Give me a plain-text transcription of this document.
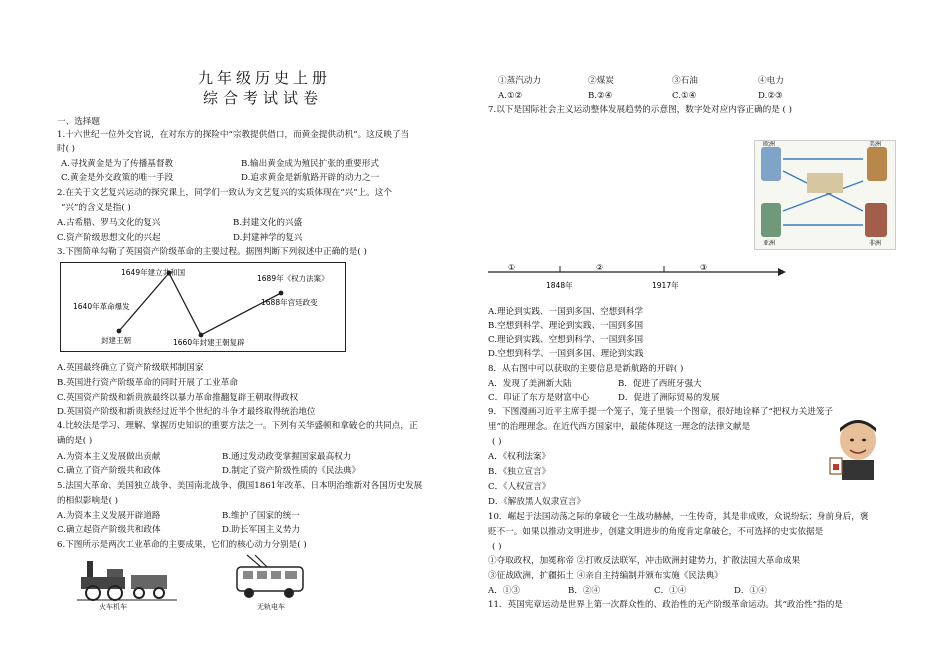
九年级历史上册
综合考试试卷
一、选择题
1.十六世纪一位外交官说，在对东方的探险中“宗教提供借口，而黄金提供动机”。这反映了当
时( )
A.寻找黄金是为了传播基督教	B.输出黄金成为殖民扩张的重要形式
C.黄金是外交政策的唯一手段	D.追求黄金是新航路开辟的动力之一
2.在关于文艺复兴运动的探究课上，同学们一致认为文艺复兴的实质体现在“兴”上。这个
“兴”的含义是指( )
A.古希腊、罗马文化的复兴	B.封建文化的兴盛
C.资产阶级思想文化的兴起	D.封建神学的复兴
3.下图简单勾勒了英国资产阶级革命的主要过程。据图判断下列叙述中正确的是( )
1649年建立共和国
1640年革命爆发
1689年《权力法案》
1688年宫廷政变
封建王朝	1660年封建王朝复辟
A.英国最终确立了资产阶级联邦制国家
B.英国进行资产阶级革命的同时开展了工业革命
C.英国资产阶级和新贵族最终以暴力革命推翻复辟王朝取得政权
D.英国资产阶级和新贵族经过近半个世纪的斗争才最终取得统治地位
4.比较法是学习、理解、掌握历史知识的重要方法之一。下列有关华盛顿和拿破仑的共同点，正
确的是( )
A.为资本主义发展做出贡献	B.通过发动政变掌握国家最高权力
C.确立了资产阶级共和政体	D.制定了资产阶级性质的《民法典》
5.法国大革命、美国独立战争、美国南北战争、俄国1861年改革、日本明治维新对各国历史发展
的相似影响是( )
A.为资本主义发展开辟道路	B.维护了国家的统一
C.确立起资产阶级共和政体	D.助长军国主义势力
6.下图所示是两次工业革命的主要成果，它们的核心动力分别是( )
火车机车	无轨电车
①蒸汽动力	②煤炭	③石油	④电力
A.①②	B.②④	C.①④	D.②③
7.以下是国际社会主义运动整体发展趋势的示意图，数字处对应内容正确的是 ( )
欧洲	美洲
亚洲	非洲
①	②	③
1848年	1917年
A.理论到实践、一国到多国、空想到科学
B.空想到科学、理论到实践、一国到多国
C.理论到实践、空想到科学、一国到多国
D.空想到科学、一国到多国、理论到实践
8．从右图中可以获取的主要信息是新航路的开辟( )
A．发现了美洲新大陆	B．促进了西班牙强大
C．印证了东方是财富中心	D．促进了洲际贸易的发展
9．下图漫画习近平主席手提一个笼子，笼子里装一个图章，很好地诠释了“把权力关进笼子
里”的治理理念。在近代西方国家中，最能体现这一理念的法律文献是
( )
A．《权利法案》
B．《独立宣言》
C．《人权宣言》
D．《解放黑人奴隶宣言》
10．崛起于法国动荡之际的拿破仑一生战功赫赫，一生传奇，其是非成败，众说纷纭；身前身后，褒
贬不一。如果以推动文明进步，创建文明进步的角度肯定拿破仑，不可选择的史实依据是
( )
①夺取政权，加冕称帝 ②打败反法联军，冲击欧洲封建势力，扩散法国大革命成果
③征战欧洲，扩疆拓土 ④亲自主持编制并颁布实施《民法典》
A．①③	B．②④	C．①④	D．①④
11．英国宪章运动是世界上第一次群众性的、政治性的无产阶级革命运动。其“政治性”指的是
